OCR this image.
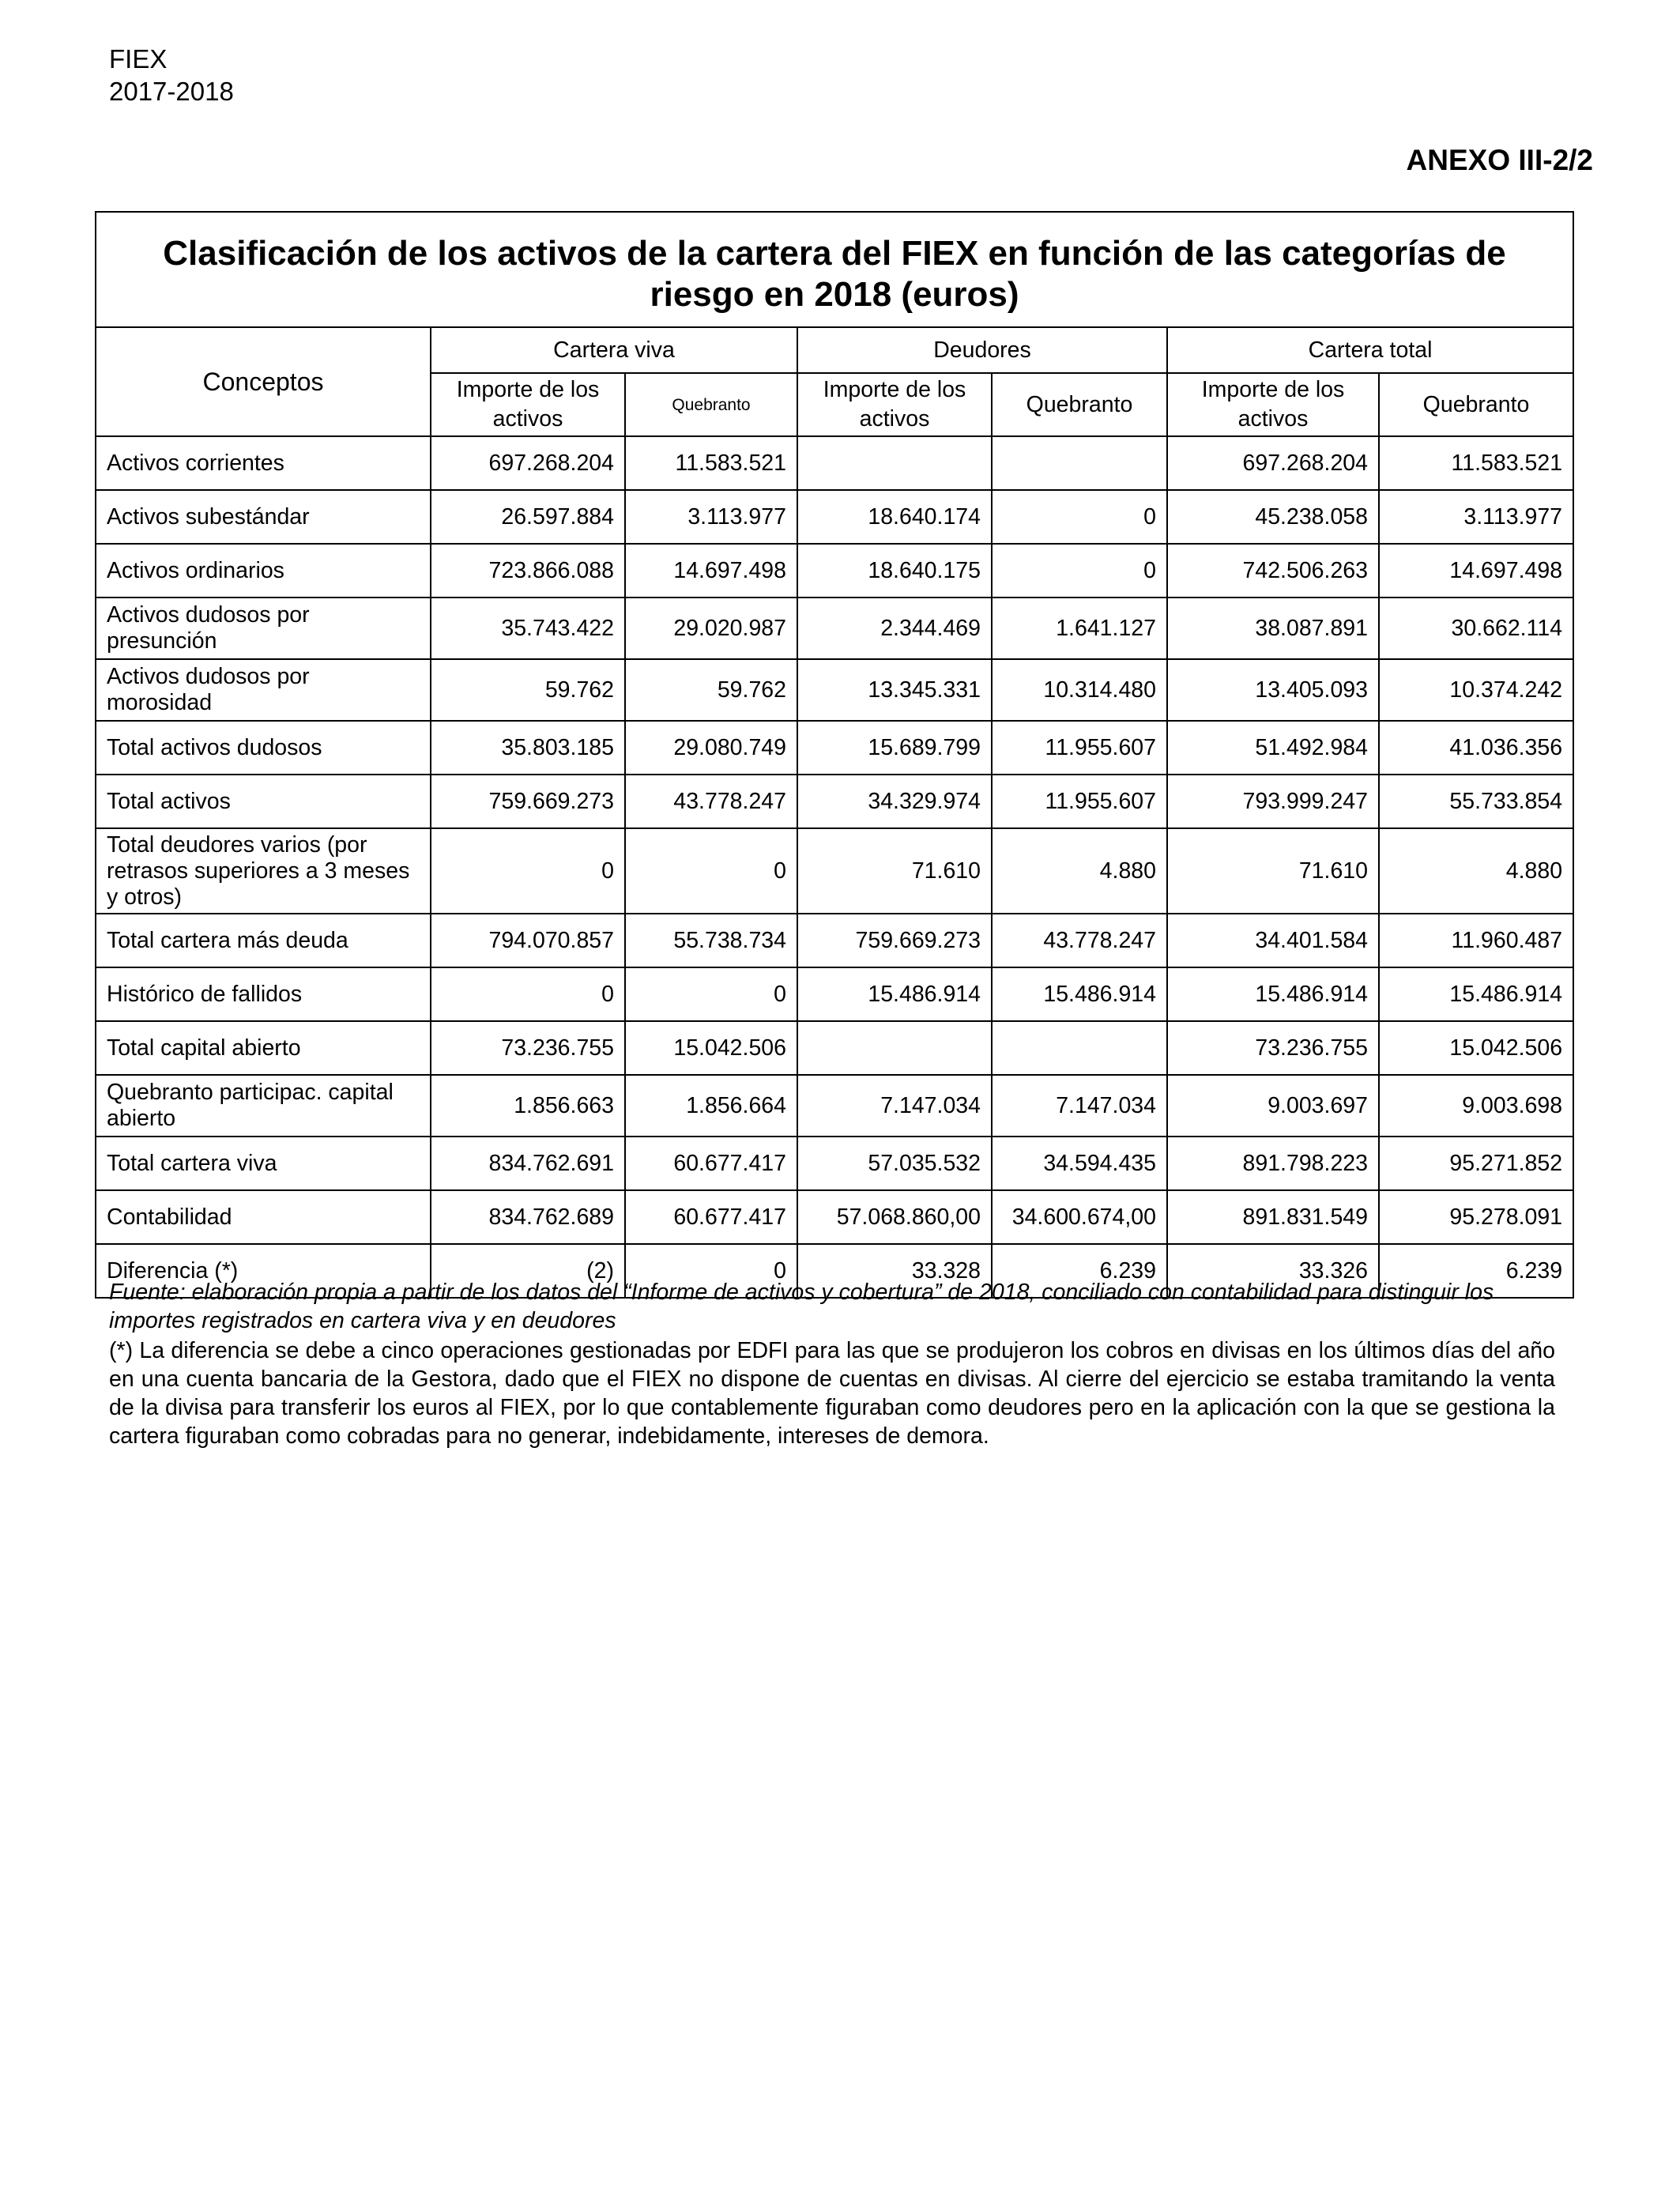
FIEX
2017-2018
ANEXO III-2/2
Clasificación de los activos de la cartera del FIEX en función de las categorías de riesgo en 2018 (euros)						
Conceptos	Cartera viva		Deudores		Cartera total	
	Importe de los activos	Quebranto	Importe de los activos	Quebranto	Importe de los activos	Quebranto
Activos corrientes	697.268.204	11.583.521			697.268.204	11.583.521
Activos subestándar	26.597.884	3.113.977	18.640.174	0	45.238.058	3.113.977
Activos ordinarios	723.866.088	14.697.498	18.640.175	0	742.506.263	14.697.498
Activos dudosos por presunción	35.743.422	29.020.987	2.344.469	1.641.127	38.087.891	30.662.114
Activos dudosos por morosidad	59.762	59.762	13.345.331	10.314.480	13.405.093	10.374.242
Total activos dudosos	35.803.185	29.080.749	15.689.799	11.955.607	51.492.984	41.036.356
Total activos	759.669.273	43.778.247	34.329.974	11.955.607	793.999.247	55.733.854
Total deudores varios (por retrasos superiores a 3 meses y otros)	0	0	71.610	4.880	71.610	4.880
Total cartera más deuda	794.070.857	55.738.734	759.669.273	43.778.247	34.401.584	11.960.487
Histórico de fallidos	0	0	15.486.914	15.486.914	15.486.914	15.486.914
Total capital abierto	73.236.755	15.042.506			73.236.755	15.042.506
Quebranto participac. capital abierto	1.856.663	1.856.664	7.147.034	7.147.034	9.003.697	9.003.698
Total cartera viva	834.762.691	60.677.417	57.035.532	34.594.435	891.798.223	95.271.852
Contabilidad	834.762.689	60.677.417	57.068.860,00	34.600.674,00	891.831.549	95.278.091
Diferencia (*)	(2)	0	33.328	6.239	33.326	6.239
Fuente: elaboración propia a partir de los datos del “Informe de activos y cobertura” de 2018, conciliado con contabilidad para distinguir los importes registrados en cartera viva y en deudores
(*) La diferencia se debe a cinco operaciones gestionadas por EDFI para las que se produjeron los cobros en divisas en los últimos días del año en una cuenta bancaria de la Gestora, dado que el FIEX no dispone de cuentas en divisas. Al cierre del ejercicio se estaba tramitando la venta de la divisa para transferir los euros al FIEX, por lo que contablemente figuraban como deudores pero en la aplicación con la que se gestiona la cartera figuraban como cobradas para no generar, indebidamente, intereses de demora.
